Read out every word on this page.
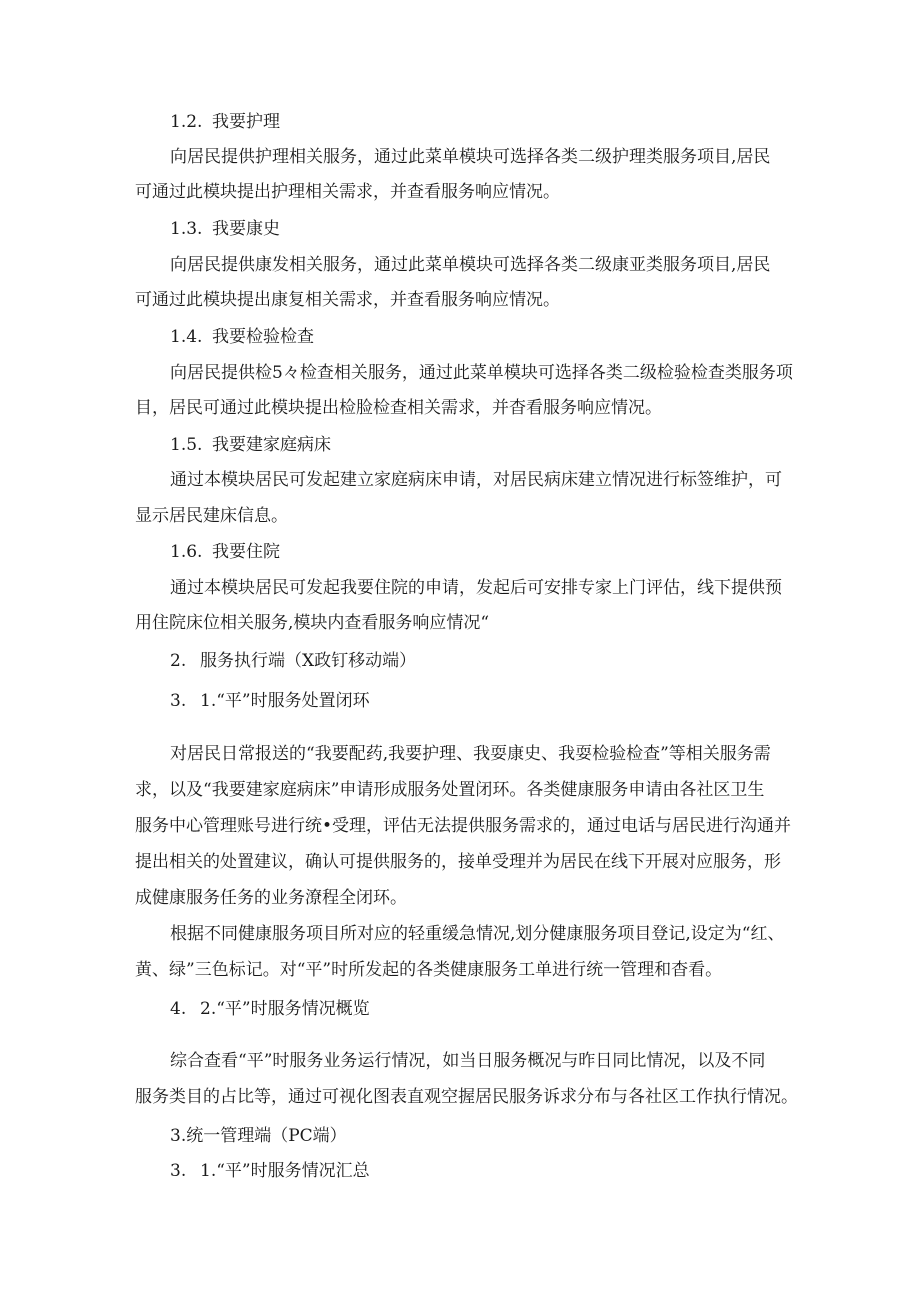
1.2. 我要护理
向居民提供护理相关服务，通过此菜单模块可选择各类二级护理类服务项目,居民
可通过此模块提出护理相关需求，并查看服务响应情况。
1.3. 我要康史
向居民提供康发相关服务，通过此菜单模块可选择各类二级康亚类服务项目,居民
可通过此模块提出康复相关需求，并查看服务响应情况。
1.4. 我要检验检查
向居民提供检5々检查相关服务，通过此菜单模块可选择各类二级检验检查类服务项
目，居民可通过此模块提出检脸检查相关需求，并杳看服务响应情况。
1.5. 我要建家庭病床
通过本模块居民可发起建立家庭病床申请，对居民病床建立情况进行标签维护，可
显示居民建床信息。
1.6. 我要住院
通过本模块居民可发起我要住院的申请，发起后可安排专家上门评估，线下提供预
用住院床位相关服务,模块内查看服务响应情况“
2. 服务执行端（X政钉移动端）
3. 1.“平”时服务处置闭环
对居民日常报送的“我要配药,我要护理、我耍康史、我耍检验检查”等相关服务需
求，以及“我要建家庭病床”申请形成服务处置闭环。各类健康服务申请由各社区卫生
服务中心管理账号进行统•受理，评估无法提供服务需求的，通过电话与居民进行沟通并
提出相关的处置建议，确认可提供服务的，接单受理并为居民在线下开展对应服务，形
成健康服务任务的业务潦程全闭环。
根据不同健康服务项目所对应的轻重缓急情况,划分健康服务项目登记,设定为“红、
黄、绿”三色标记。对“平”时所发起的各类健康服务工单进行统一管理和杳看。
4. 2.“平”时服务情况概览
综合查看“平”时服务业务运行情况，如当日服务概况与昨日同比情况，以及不同
服务类目的占比等，通过可视化图表直观空握居民服务诉求分布与各社区工作执行情况。
3.统一管理端（PC端）
3. 1.“平”时服务情况汇总
